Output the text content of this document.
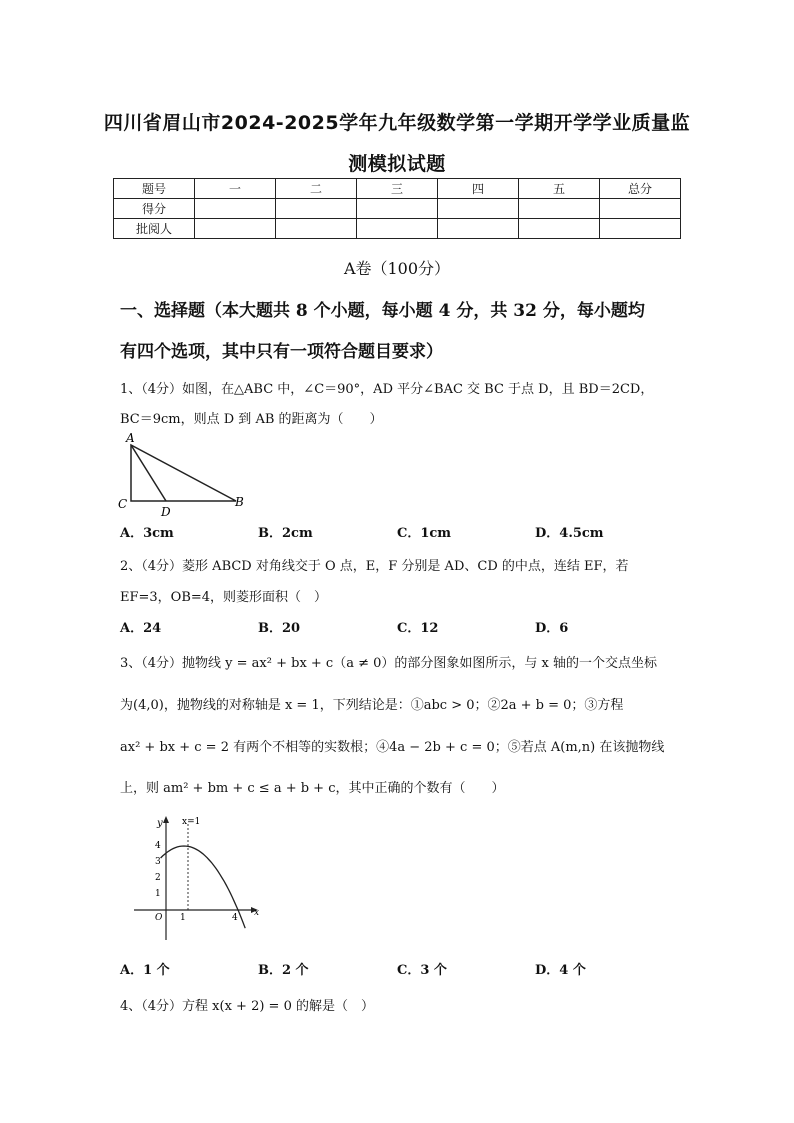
四川省眉山市2024-2025学年九年级数学第一学期开学学业质量监
测模拟试题
题号	一	二	三	四	五	总分
得分						
批阅人						
A卷（100分）
一、选择题（本大题共 8 个小题，每小题 4 分，共 32 分，每小题均
有四个选项，其中只有一项符合题目要求）
1、（4分）如图，在△ABC 中，∠C＝90°，AD 平分∠BAC 交 BC 于点 D，且 BD＝2CD，
BC＝9cm，则点 D 到 AB 的距离为（　　）
A
C
D
B
A．3cm	B．2cm	C．1cm	D．4.5cm
2、（4分）菱形 ABCD 对角线交于 O 点，E，F 分别是 AD、CD 的中点，连结 EF，若
EF=3，OB=4，则菱形面积（　）
A．24	B．20	C．12	D．6
3、（4分）抛物线 y = ax² + bx + c（a ≠ 0）的部分图象如图所示，与 x 轴的一个交点坐标
为(4,0)，抛物线的对称轴是 x = 1，下列结论是：①abc > 0；②2a + b = 0；③方程
ax² + bx + c = 2 有两个不相等的实数根；④4a − 2b + c = 0；⑤若点 A(m,n) 在该抛物线
上，则 am² + bm + c ≤ a + b + c，其中正确的个数有（　　）
y x=1
4
3
2
1
O 1	4 x
A．1 个	B．2 个	C．3 个	D．4 个
4、（4分）方程 x(x + 2) = 0 的解是（　）
